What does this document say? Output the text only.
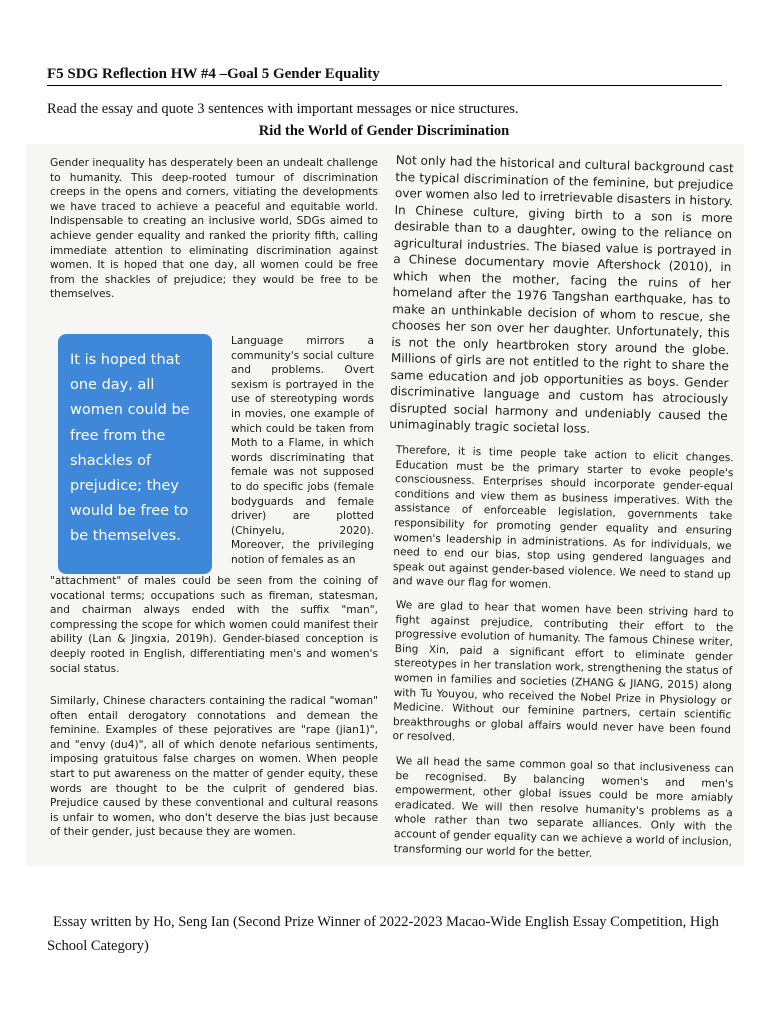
F5 SDG Reflection HW #4 –Goal 5 Gender Equality
Read the essay and quote 3 sentences with important messages or nice structures.
Rid the World of Gender Discrimination
Gender inequality has desperately been an undealt challenge to humanity. This deep-rooted tumour of discrimination creeps in the opens and corners, vitiating the developments we have traced to achieve a peaceful and equitable world. Indispensable to creating an inclusive world, SDGs aimed to achieve gender equality and ranked the priority fifth, calling immediate attention to eliminating discrimination against women. It is hoped that one day, all women could be free from the shackles of prejudice; they would be free to be themselves.
It is hoped that one day, all women could be free from the shackles of prejudice; they would be free to be themselves.
Language mirrors a community's social culture and problems. Overt sexism is portrayed in the use of stereotyping words in movies, one example of which could be taken from Moth to a Flame, in which words discriminating that female was not supposed to do specific jobs (female bodyguards and female driver) are plotted (Chinyelu, 2020). Moreover, the privileging notion of females as an
"attachment" of males could be seen from the coining of vocational terms; occupations such as fireman, statesman, and chairman always ended with the suffix "man", compressing the scope for which women could manifest their ability (Lan & Jingxia, 2019h). Gender-biased conception is deeply rooted in English, differentiating men's and women's social status.
Similarly, Chinese characters containing the radical "woman" often entail derogatory connotations and demean the feminine. Examples of these pejoratives are "rape (jian1)", and "envy (du4)", all of which denote nefarious sentiments, imposing gratuitous false charges on women. When people start to put awareness on the matter of gender equity, these words are thought to be the culprit of gendered bias. Prejudice caused by these conventional and cultural reasons is unfair to women, who don't deserve the bias just because of their gender, just because they are women.

Not only had the historical and cultural background cast the typical discrimination of the feminine, but prejudice over women also led to irretrievable disasters in history. In Chinese culture, giving birth to a son is more desirable than to a daughter, owing to the reliance on agricultural industries. The biased value is portrayed in a Chinese documentary movie Aftershock (2010), in which when the mother, facing the ruins of her homeland after the 1976 Tangshan earthquake, has to make an unthinkable decision of whom to rescue, she chooses her son over her daughter. Unfortunately, this is not the only heartbroken story around the globe. Millions of girls are not entitled to the right to share the same education and job opportunities as boys. Gender discriminative language and custom has atrociously disrupted social harmony and undeniably caused the unimaginably tragic societal loss.

Therefore, it is time people take action to elicit changes. Education must be the primary starter to evoke people's consciousness. Enterprises should incorporate gender-equal conditions and view them as business imperatives. With the assistance of enforceable legislation, governments take responsibility for promoting gender equality and ensuring women's leadership in administrations. As for individuals, we need to end our bias, stop using gendered languages and speak out against gender-based violence. We need to stand up and wave our flag for women.

We are glad to hear that women have been striving hard to fight against prejudice, contributing their effort to the progressive evolution of humanity. The famous Chinese writer, Bing Xin, paid a significant effort to eliminate gender stereotypes in her translation work, strengthening the status of women in families and societies (ZHANG & JIANG, 2015) along with Tu Youyou, who received the Nobel Prize in Physiology or Medicine. Without our feminine partners, certain scientific breakthroughs or global affairs would never have been found or resolved.

We all head the same common goal so that inclusiveness can be recognised. By balancing women's and men's empowerment, other global issues could be more amiably eradicated. We will then resolve humanity's problems as a whole rather than two separate alliances. Only with the account of gender equality can we achieve a world of inclusion, transforming our world for the better.

Essay written by Ho, Seng Ian (Second Prize Winner of 2022-2023 Macao-Wide English Essay Competition, High School Category)
